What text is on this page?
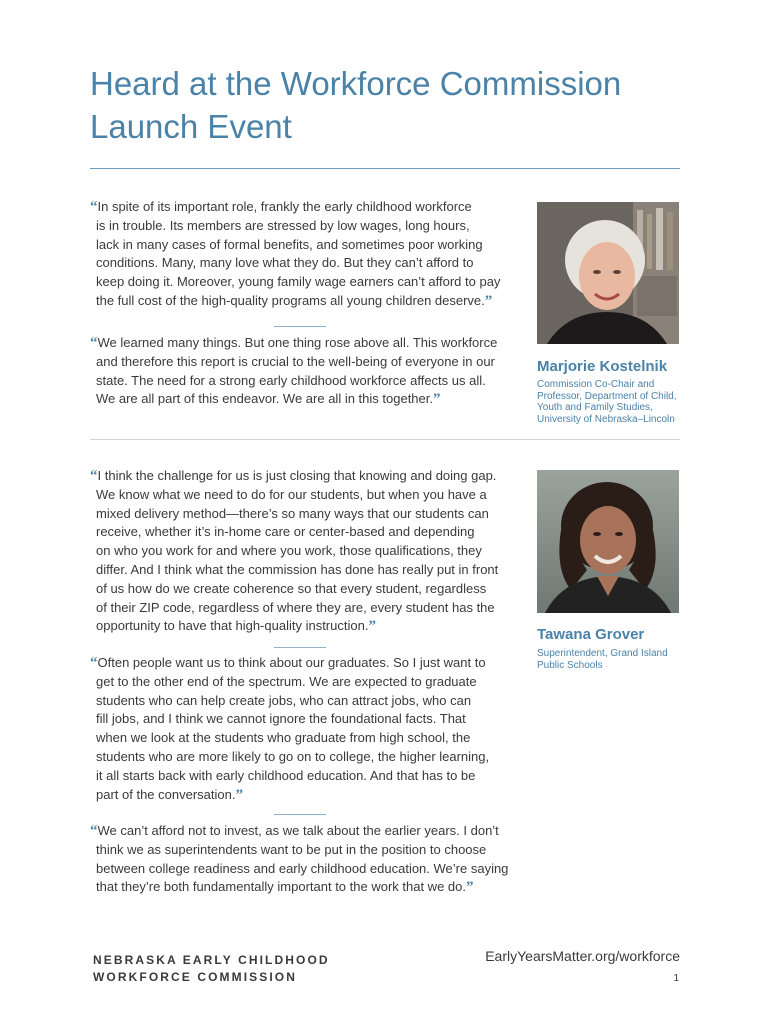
Heard at the Workforce Commission Launch Event

“In spite of its important role, frankly the early childhood workforce
is in trouble. Its members are stressed by low wages, long hours,
lack in many cases of formal benefits, and sometimes poor working
conditions. Many, many love what they do. But they can’t afford to
keep doing it. Moreover, young family wage earners can’t afford to pay
the full cost of the high-quality programs all young children deserve.”

“We learned many things. But one thing rose above all. This workforce
and therefore this report is crucial to the well-being of everyone in our
state. The need for a strong early childhood workforce affects us all.
We are all part of this endeavor. We are all in this together.”

Marjorie Kostelnik

Commission Co-Chair and
Professor, Department of Child,
Youth and Family Studies,
University of Nebraska–Lincoln

“I think the challenge for us is just closing that knowing and doing gap.
We know what we need to do for our students, but when you have a
mixed delivery method—there’s so many ways that our students can
receive, whether it’s in-home care or center-based and depending
on who you work for and where you work, those qualifications, they
differ. And I think what the commission has done has really put in front
of us how do we create coherence so that every student, regardless
of their ZIP code, regardless of where they are, every student has the
opportunity to have that high-quality instruction.”

“Often people want us to think about our graduates. So I just want to
get to the other end of the spectrum. We are expected to graduate
students who can help create jobs, who can attract jobs, who can
fill jobs, and I think we cannot ignore the foundational facts. That
when we look at the students who graduate from high school, the
students who are more likely to go on to college, the higher learning,
it all starts back with early childhood education. And that has to be
part of the conversation.”

“We can’t afford not to invest, as we talk about the earlier years. I don’t
think we as superintendents want to be put in the position to choose
between college readiness and early childhood education. We’re saying
that they’re both fundamentally important to the work that we do.”

Tawana Grover

Superintendent, Grand Island
Public Schools

NEBRASKA EARLY CHILDHOOD
WORKFORCE COMMISSION
EarlyYearsMatter.org/workforce
1
